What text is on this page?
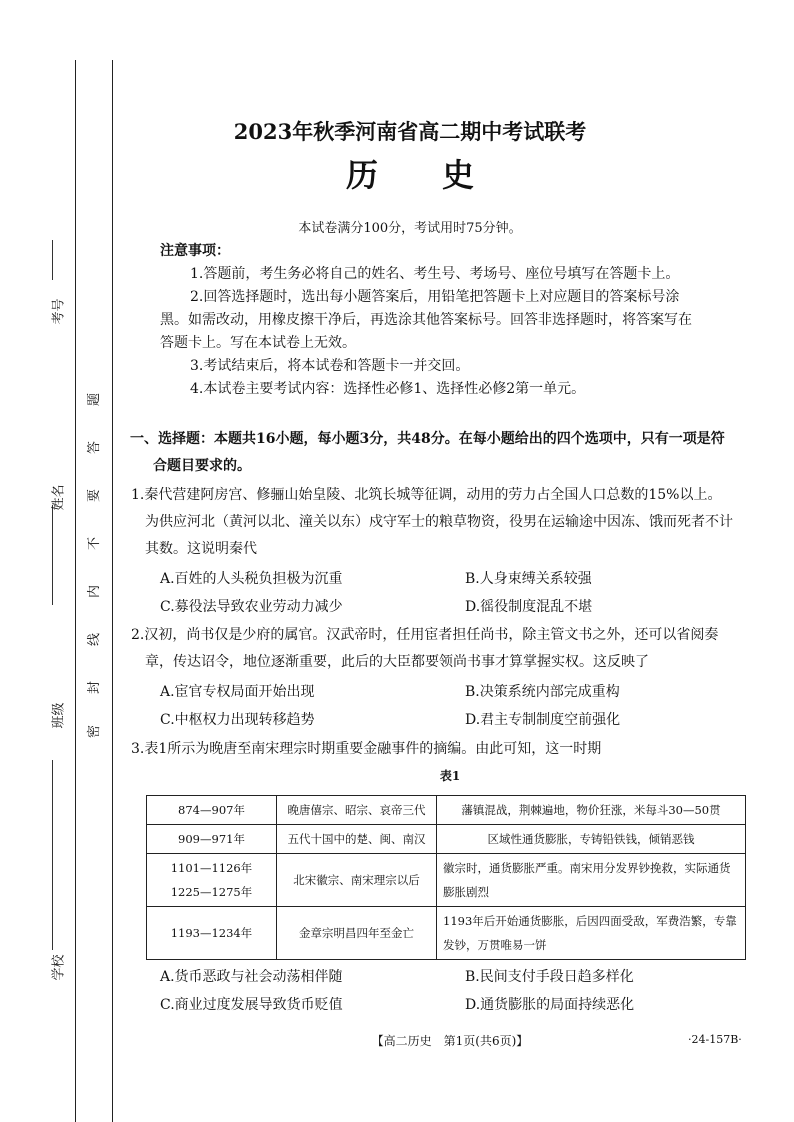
考号
姓名
班级
学校
题
答
要
不
内
线
封
密
2023年秋季河南省高二期中考试联考
历　　史
本试卷满分100分，考试用时75分钟。
注意事项：
1.答题前，考生务必将自己的姓名、考生号、考场号、座位号填写在答题卡上。
2.回答选择题时，选出每小题答案后，用铅笔把答题卡上对应题目的答案标号涂
黑。如需改动，用橡皮擦干净后，再选涂其他答案标号。回答非选择题时，将答案写在
答题卡上。写在本试卷上无效。
3.考试结束后，将本试卷和答题卡一并交回。
4.本试卷主要考试内容：选择性必修1、选择性必修2第一单元。
一、选择题：本题共16小题，每小题3分，共48分。在每小题给出的四个选项中，只有一项是符
合题目要求的。
1.秦代营建阿房宫、修骊山始皇陵、北筑长城等征调，动用的劳力占全国人口总数的15%以上。
为供应河北（黄河以北、潼关以东）戍守军士的粮草物资，役男在运输途中因冻、饿而死者不计
其数。这说明秦代
A.百姓的人头税负担极为沉重	B.人身束缚关系较强
C.募役法导致农业劳动力减少	D.徭役制度混乱不堪
2.汉初，尚书仅是少府的属官。汉武帝时，任用宦者担任尚书，除主管文书之外，还可以省阅奏
章，传达诏令，地位逐渐重要，此后的大臣都要领尚书事才算掌握实权。这反映了
A.宦官专权局面开始出现	B.决策系统内部完成重构
C.中枢权力出现转移趋势	D.君主专制制度空前强化
3.表1所示为晚唐至南宋理宗时期重要金融事件的摘编。由此可知，这一时期
表1
874—907年	晚唐僖宗、昭宗、哀帝三代	藩镇混战，荆棘遍地，物价狂涨，米每斗30—50贯
909—971年	五代十国中的楚、闽、南汉	区域性通货膨胀，专铸铅铁钱，倾销恶钱
1101—1126年
1225—1275年	北宋徽宗、南宋理宗以后	徽宗时，通货膨胀严重。南宋用分发界钞挽救，实际通货膨胀剧烈
1193—1234年	金章宗明昌四年至金亡	1193年后开始通货膨胀，后因四面受敌，军费浩繁，专靠发钞，万贯唯易一饼
A.货币恶政与社会动荡相伴随	B.民间支付手段日趋多样化
C.商业过度发展导致货币贬值	D.通货膨胀的局面持续恶化
【高二历史　第1页(共6页)】	·24-157B·
